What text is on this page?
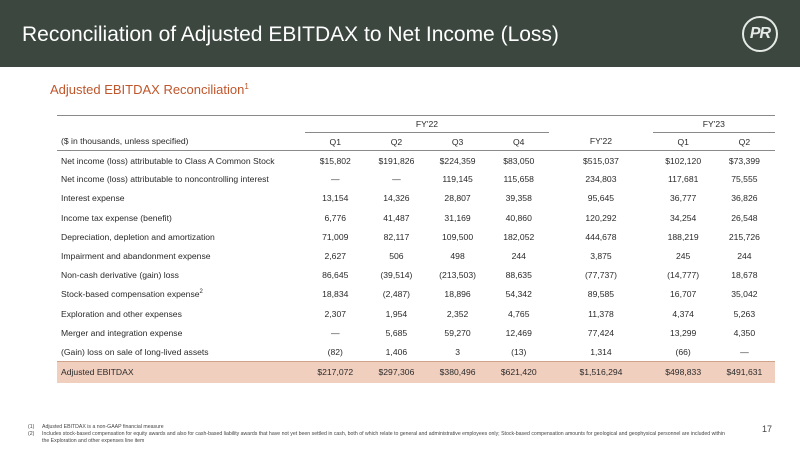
Reconciliation of Adjusted EBITDAX to Net Income (Loss)	PR
Adjusted EBITDAX Reconciliation$^1$
	FY'22					FY'23	
($ in thousands, unless specified)	Q1	Q2	Q3	Q4	FY'22	Q1	Q2
Net income (loss) attributable to Class A Common Stock	$15,802	$191,826	$224,359	$83,050	$515,037	$102,120	$73,399
Net income (loss) attributable to noncontrolling interest	—	—	119,145	115,658	234,803	117,681	75,555
Interest expense	13,154	14,326	28,807	39,358	95,645	36,777	36,826
Income tax expense (benefit)	6,776	41,487	31,169	40,860	120,292	34,254	26,548
Depreciation, depletion and amortization	71,009	82,117	109,500	182,052	444,678	188,219	215,726
Impairment and abandonment expense	2,627	506	498	244	3,875	245	244
Non-cash derivative (gain) loss	86,645	(39,514)	(213,503)	88,635	(77,737)	(14,777)	18,678
Stock-based compensation expense$^2$	18,834	(2,487)	18,896	54,342	89,585	16,707	35,042
Exploration and other expenses	2,307	1,954	2,352	4,765	11,378	4,374	5,263
Merger and integration expense	—	5,685	59,270	12,469	77,424	13,299	4,350
(Gain) loss on sale of long-lived assets	(82)	1,406	3	(13)	1,314	(66)	—
Adjusted EBITDAX	$217,072	$297,306	$380,496	$621,420	$1,516,294	$498,833	$491,631
(1)	Adjusted EBITDAX is a non-GAAP financial measure
(2)	Includes stock-based compensation for equity awards and also for cash-based liability awards that have not yet been settled in cash, both of which relate to general and administrative employees only; Stock-based compensation amounts for geological and geophysical personnel are included within the Exploration and other expenses line item
17
